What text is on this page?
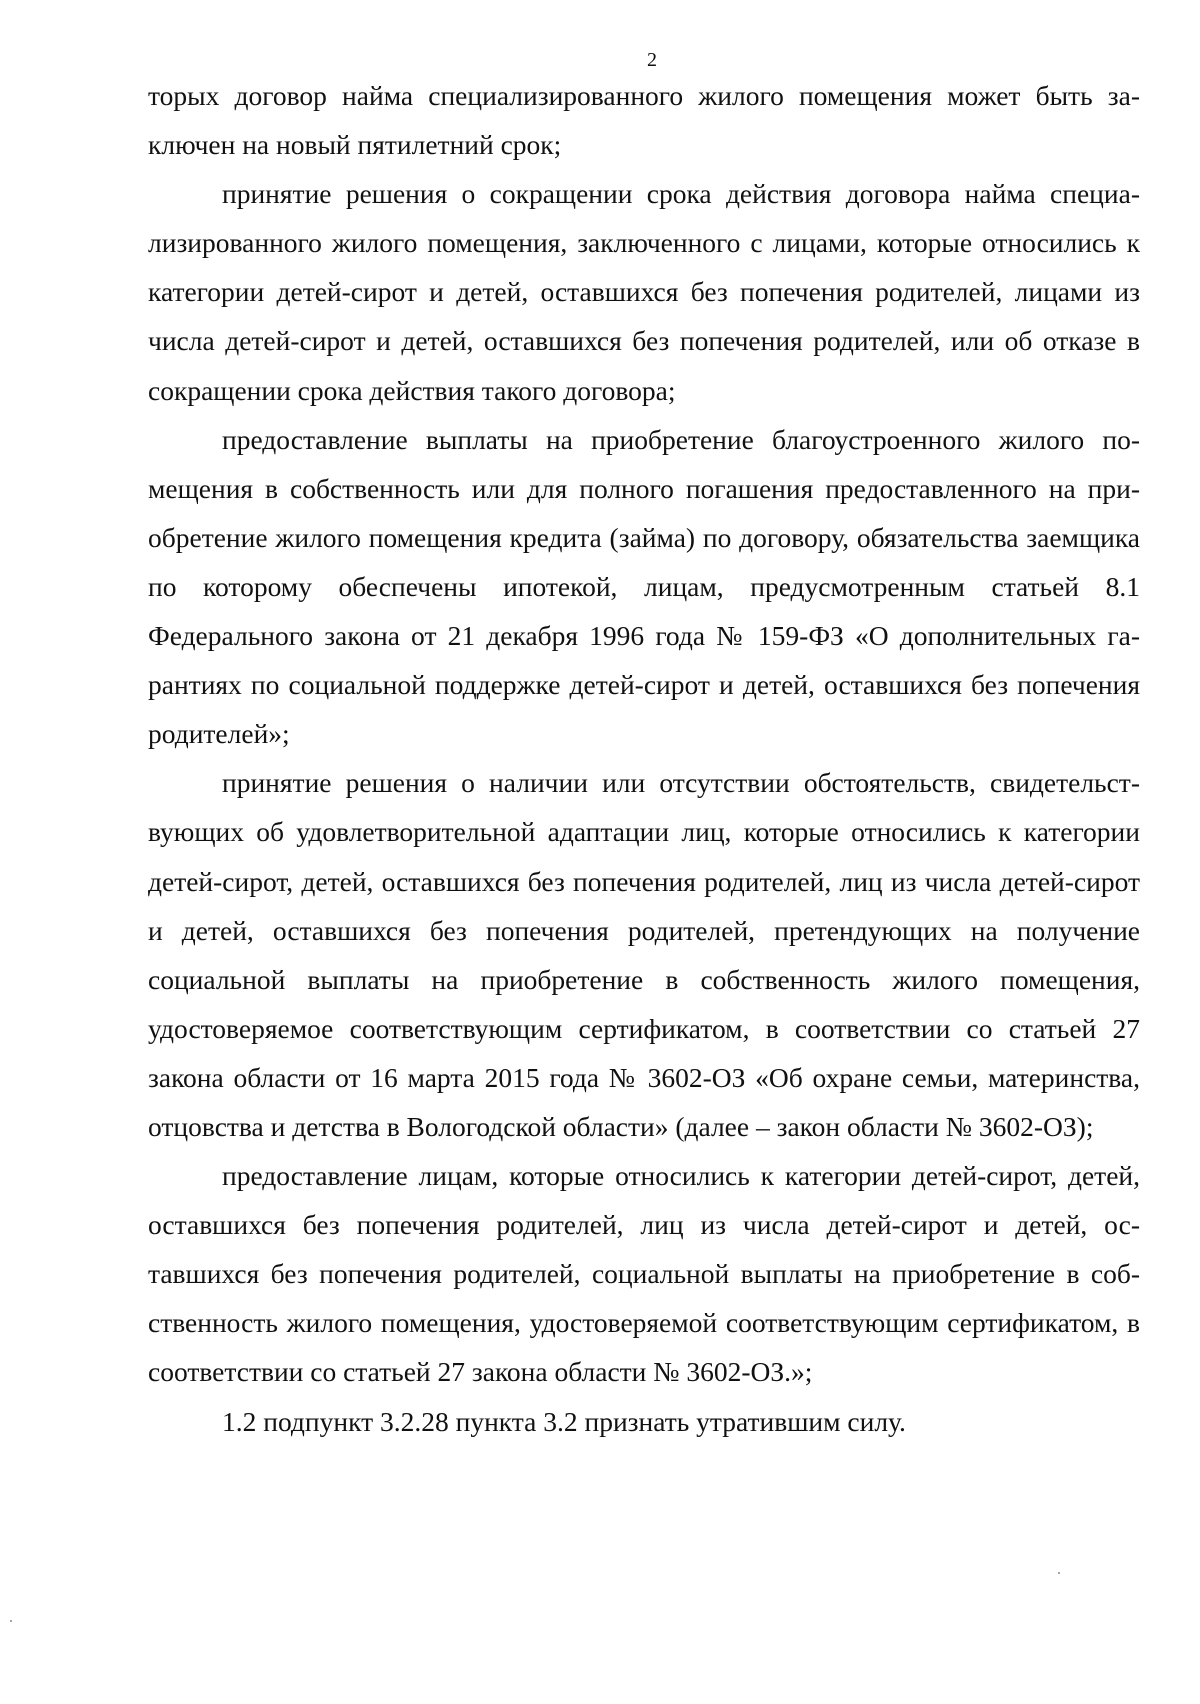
2

торых договор найма специализированного жилого помещения может быть заключен на новый пятилетний срок;

принятие решения о сокращении срока действия договора найма специализированного жилого помещения, заключенного с лицами, которые относились к категории детей-сирот и детей, оставшихся без попечения родителей, лицами из числа детей-сирот и детей, оставшихся без попечения родителей, или об отказе в сокращении срока действия такого договора;

предоставление выплаты на приобретение благоустроенного жилого помещения в собственность или для полного погашения предоставленного на приобретение жилого помещения кредита (займа) по договору, обязательства заемщика по которому обеспечены ипотекой, лицам, предусмотренным статьей 8.1 Федерального закона от 21 декабря 1996 года № 159-ФЗ «О дополнительных гарантиях по социальной поддержке детей-сирот и детей, оставшихся без попечения родителей»;

принятие решения о наличии или отсутствии обстоятельств, свидетельствующих об удовлетворительной адаптации лиц, которые относились к категории детей-сирот, детей, оставшихся без попечения родителей, лиц из числа детей-сирот и детей, оставшихся без попечения родителей, претендующих на получение социальной выплаты на приобретение в собственность жилого помещения, удостоверяемое соответствующим сертификатом, в соответствии со статьей 27 закона области от 16 марта 2015 года № 3602-ОЗ «Об охране семьи, материнства, отцовства и детства в Вологодской области» (далее – закон области № 3602-ОЗ);

предоставление лицам, которые относились к категории детей-сирот, детей, оставшихся без попечения родителей, лиц из числа детей-сирот и детей, оставшихся без попечения родителей, социальной выплаты на приобретение в собственность жилого помещения, удостоверяемой соответствующим сертификатом, в соответствии со статьей 27 закона области № 3602-ОЗ.»;

1.2 подпункт 3.2.28 пункта 3.2 признать утратившим силу.
